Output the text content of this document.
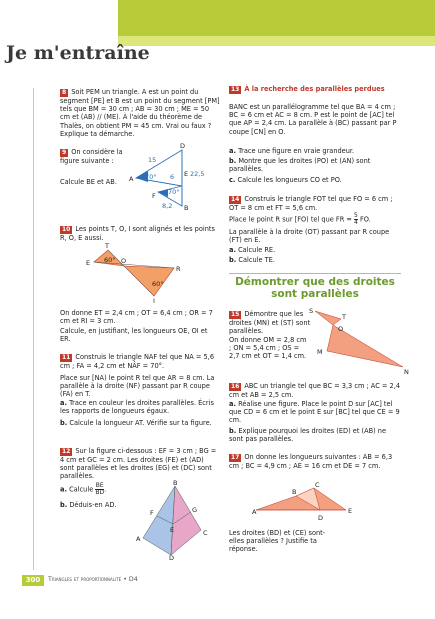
Je m'entraîne
8 Soit PEM un triangle. A est un point du segment [PE] et B est un point du segment [PM] tels que BM = 30 cm ; AB = 30 cm ; ME = 50 cm et (AB) // (ME). À l'aide du théorème de Thalès, on obtient PM = 45 cm. Vrai ou faux ? Explique ta démarche.
9 On considère la figure suivante :
Calcule BE et AB.
D
A
E
F
B
15
6 22,5
8,2
70°
70°
10 Les points T, O, I sont alignés et les points R, O, E aussi.
T
E	O
R
I
60°
60°
On donne ET = 2,4 cm ; OT = 6,4 cm ; OR = 7 cm et RI = 3 cm.
Calcule, en justifiant, les longueurs OE, OI et ER.
11 Construis le triangle NAF tel que NA = 5,6 cm ; FA = 4,2 cm et NÂF = 70°.
Place sur [NA) le point R tel que AR = 8 cm. La parallèle à la droite (NF) passant par R coupe (FA) en T.
a. Trace en couleur les droites parallèles. Écris les rapports de longueurs égaux.
b. Calcule la longueur AT. Vérifie sur ta figure.
12 Sur la figure ci-dessous : EF = 3 cm ; BG = 4 cm et GC = 2 cm. Les droites (FE) et (AD) sont parallèles et les droites (EG) et (DC) sont parallèles.
a. Calcule $\frac{BE}{BD}$ .
b. Déduis-en AD.
B
F	G
E
A
C
D
13 À la recherche des parallèles perdues
BANC est un parallélogramme tel que BA = 4 cm ; BC = 6 cm et AC = 8 cm. P est le point de [AC] tel que AP = 2,4 cm. La parallèle à (BC) passant par P coupe [CN] en O.
a. Trace une figure en vraie grandeur.
b. Montre que les droites (PO) et (AN) sont parallèles.
c. Calcule les longueurs CO et PO.
14 Construis le triangle FOT tel que FO = 6 cm ; OT = 8 cm et FT = 5,6 cm.
Place le point R sur [FO) tel que FR = $\frac{5}{4}$ FO.
La parallèle à la droite (OT) passant par R coupe (FT) en E.
a. Calcule RE.
b. Calcule TE.
Démontrer que des droites sont parallèles
15 Démontre que les droites (MN) et (ST) sont parallèles.
On donne OM = 2,8 cm ; ON = 5,4 cm ; OS = 2,7 cm et OT = 1,4 cm.
S
T
O
M
N
16 ABC un triangle tel que BC = 3,3 cm ; AC = 2,4 cm et AB = 2,5 cm.
a. Réalise une figure. Place le point D sur [AC] tel que CD = 6 cm et le point E sur [BC] tel que CE = 9 cm.
b. Explique pourquoi les droites (ED) et (AB) ne sont pas parallèles.
17 On donne les longueurs suivantes : AB = 6,3 cm ; BC = 4,9 cm ; AE = 16 cm et DE = 7 cm.
B
C
A	E
D
Les droites (BD) et (CE) sont-elles parallèles ? Justifie ta réponse.
300	Triangles et proportionnalité • D4
